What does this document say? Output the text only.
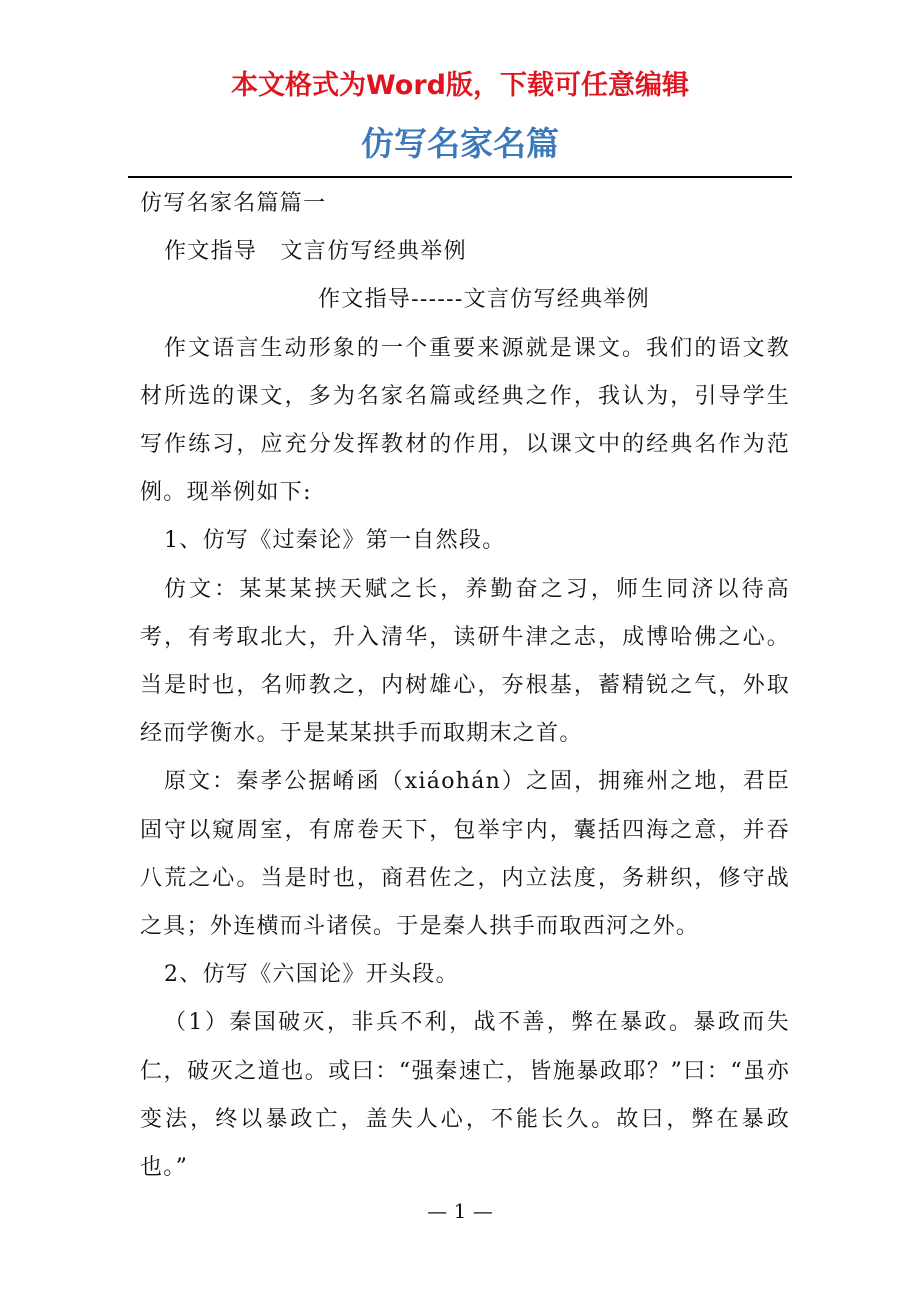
本文格式为Word版，下载可任意编辑
仿写名家名篇

仿写名家名篇篇一

作文指导　文言仿写经典举例

作文指导------文言仿写经典举例

作文语言生动形象的一个重要来源就是课文。我们的语文教材所选的课文，多为名家名篇或经典之作，我认为，引导学生写作练习，应充分发挥教材的作用，以课文中的经典名作为范例。现举例如下:

1、仿写《过秦论》第一自然段。

仿文：某某某挟天赋之长，养勤奋之习，师生同济以待高考，有考取北大，升入清华，读研牛津之志，成博哈佛之心。当是时也，名师教之，内树雄心，夯根基，蓄精锐之气，外取经而学衡水。于是某某拱手而取期末之首。

原文：秦孝公据崤函（xiáohán）之固，拥雍州之地，君臣固守以窥周室，有席卷天下，包举宇内，囊括四海之意，并吞八荒之心。当是时也，商君佐之，内立法度，务耕织，修守战之具；外连横而斗诸侯。于是秦人拱手而取西河之外。

2、仿写《六国论》开头段。

（1）秦国破灭，非兵不利，战不善，弊在暴政。暴政而失仁，破灭之道也。或曰：“强秦速亡，皆施暴政耶？”曰：“虽亦变法，终以暴政亡，盖失人心，不能长久。故曰，弊在暴政也。”

— 1 —
